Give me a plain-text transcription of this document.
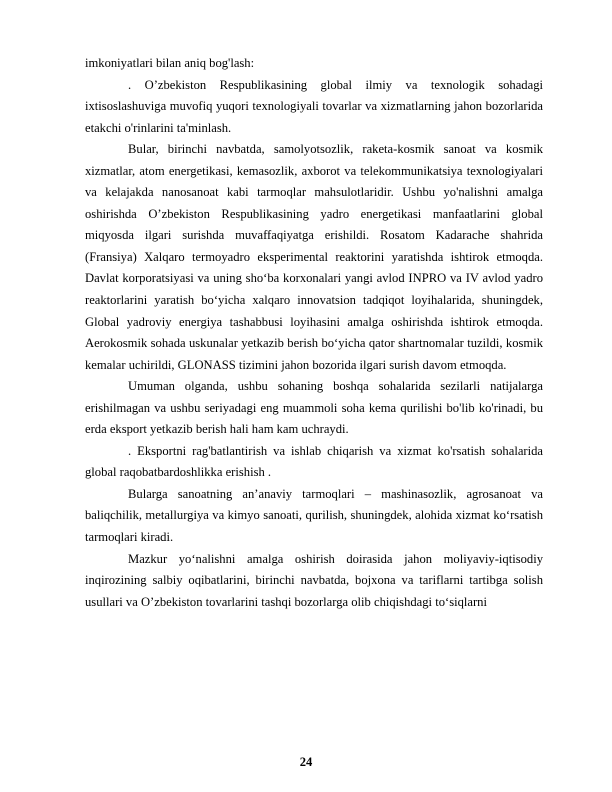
imkoniyatlari bilan aniq bog'lash:

. O’zbekiston Respublikasining global ilmiy va texnologik sohadagi ixtisoslashuviga muvofiq yuqori texnologiyali tovarlar va xizmatlarning jahon bozorlarida etakchi o'rinlarini ta'minlash.

Bular, birinchi navbatda, samolyotsozlik, raketa-kosmik sanoat va kosmik xizmatlar, atom energetikasi, kemasozlik, axborot va telekommunikatsiya texnologiyalari va kelajakda nanosanoat kabi tarmoqlar mahsulotlaridir. Ushbu yo'nalishni amalga oshirishda O’zbekiston Respublikasining yadro energetikasi manfaatlarini global miqyosda ilgari surishda muvaffaqiyatga erishildi. Rosatom Kadarache shahrida (Fransiya) Xalqaro termoyadro eksperimental reaktorini yaratishda ishtirok etmoqda. Davlat korporatsiyasi va uning sho‘ba korxonalari yangi avlod INPRO va IV avlod yadro reaktorlarini yaratish bo‘yicha xalqaro innovatsion tadqiqot loyihalarida, shuningdek, Global yadroviy energiya tashabbusi loyihasini amalga oshirishda ishtirok etmoqda. Aerokosmik sohada uskunalar yetkazib berish bo‘yicha qator shartnomalar tuzildi, kosmik kemalar uchirildi, GLONASS tizimini jahon bozorida ilgari surish davom etmoqda.

Umuman olganda, ushbu sohaning boshqa sohalarida sezilarli natijalarga erishilmagan va ushbu seriyadagi eng muammoli soha kema qurilishi bo'lib ko'rinadi, bu erda eksport yetkazib berish hali ham kam uchraydi.

. Eksportni rag'batlantirish va ishlab chiqarish va xizmat ko'rsatish sohalarida global raqobatbardoshlikka erishish .

Bularga sanoatning an’anaviy tarmoqlari – mashinasozlik, agrosanoat va baliqchilik, metallurgiya va kimyo sanoati, qurilish, shuningdek, alohida xizmat ko‘rsatish tarmoqlari kiradi.

Mazkur yo‘nalishni amalga oshirish doirasida jahon moliyaviy-iqtisodiy inqirozining salbiy oqibatlarini, birinchi navbatda, bojxona va tariflarni tartibga solish usullari va O’zbekiston tovarlarini tashqi bozorlarga olib chiqishdagi to‘siqlarni

24
